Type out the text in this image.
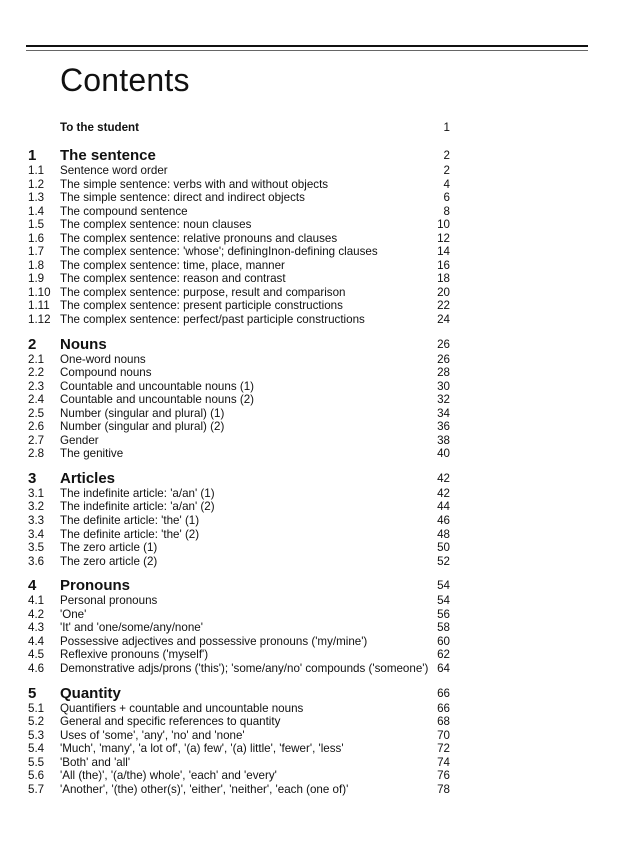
Contents
To the student	1
1 The sentence	2
1.1 Sentence word order	2
1.2 The simple sentence: verbs with and without objects	4
1.3 The simple sentence: direct and indirect objects	6
1.4 The compound sentence	8
1.5 The complex sentence: noun clauses	10
1.6 The complex sentence: relative pronouns and clauses	12
1.7 The complex sentence: 'whose'; definingInon-defining clauses	14
1.8 The complex sentence: time, place, manner	16
1.9 The complex sentence: reason and contrast	18
1.10 The complex sentence: purpose, result and comparison	20
1.11 The complex sentence: present participle constructions	22
1.12 The complex sentence: perfect/past participle constructions	24
2 Nouns	26
2.1 One-word nouns	26
2.2 Compound nouns	28
2.3 Countable and uncountable nouns (1)	30
2.4 Countable and uncountable nouns (2)	32
2.5 Number (singular and plural) (1)	34
2.6 Number (singular and plural) (2)	36
2.7 Gender	38
2.8 The genitive	40
3 Articles	42
3.1 The indefinite article: 'a/an' (1)	42
3.2 The indefinite article: 'a/an' (2)	44
3.3 The definite article: 'the' (1)	46
3.4 The definite article: 'the' (2)	48
3.5 The zero article (1)	50
3.6 The zero article (2)	52
4 Pronouns	54
4.1 Personal pronouns	54
4.2 'One'	56
4.3 'It' and 'one/some/any/none'	58
4.4 Possessive adjectives and possessive pronouns ('my/mine')	60
4.5 Reflexive pronouns ('myself')	62
4.6 Demonstrative adjs/prons ('this'); 'some/any/no' compounds ('someone') 64
5 Quantity	66
5.1 Quantifiers + countable and uncountable nouns	66
5.2 General and specific references to quantity	68
5.3 Uses of 'some', 'any', 'no' and 'none'	70
5.4 'Much', 'many', 'a lot of', '(a) few', '(a) little', 'fewer', 'less'	72
5.5 'Both' and 'all'	74
5.6 'All (the)', '(a/the) whole', 'each' and 'every'	76
5.7 'Another', '(the) other(s)', 'either', 'neither', 'each (one of)'	78
